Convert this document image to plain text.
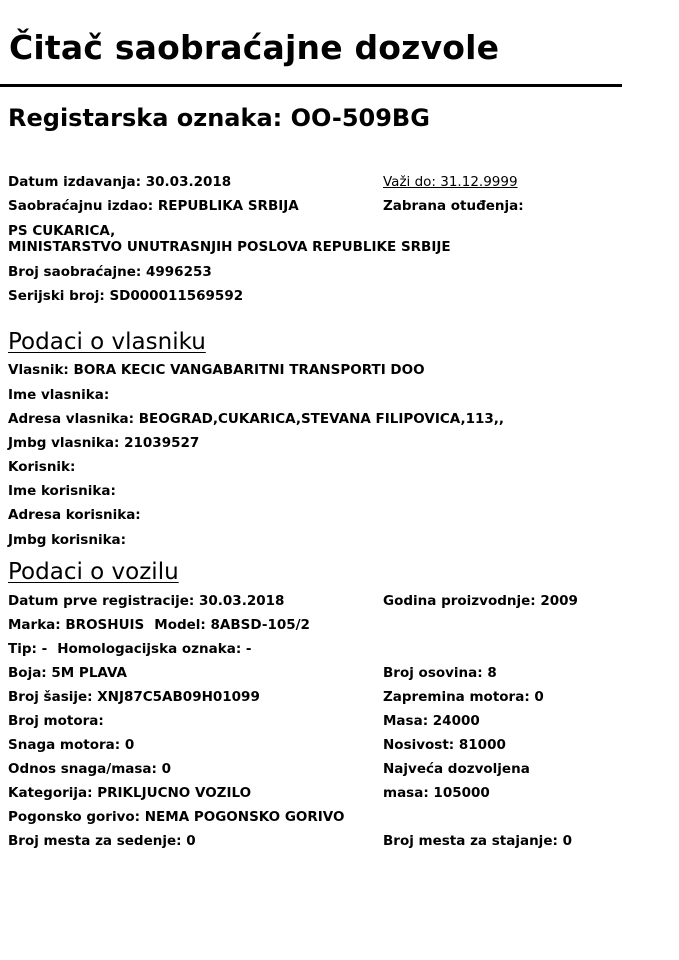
Čitač saobraćajne dozvole
Registarska oznaka: OO-509BG
Datum izdavanja: 30.03.2018	Važi do: 31.12.9999
Saobraćajnu izdao: REPUBLIKA SRBIJA	Zabrana otuđenja:
PS CUKARICA,
MINISTARSTVO UNUTRASNJIH POSLOVA REPUBLIKE SRBIJE
Broj saobraćajne: 4996253
Serijski broj: SD000011569592
Podaci o vlasniku
Vlasnik: BORA KECIC VANGABARITNI TRANSPORTI DOO
Ime vlasnika:
Adresa vlasnika: BEOGRAD,CUKARICA,STEVANA FILIPOVICA,113,,
Jmbg vlasnika: 21039527
Korisnik:
Ime korisnika:
Adresa korisnika:
Jmbg korisnika:
Podaci o vozilu
Datum prve registracije: 30.03.2018	Godina proizvodnje: 2009
Marka: BROSHUIS Model: 8ABSD-105/2
Tip: - Homologacijska oznaka: -
Boja: 5M PLAVA	Broj osovina: 8
Broj šasije: XNJ87C5AB09H01099	Zapremina motora: 0
Broj motora:	Masa: 24000
Snaga motora: 0	Nosivost: 81000
Odnos snaga/masa: 0	Najveća dozvoljena
Kategorija: PRIKLJUCNO VOZILO	masa: 105000
Pogonsko gorivo: NEMA POGONSKO GORIVO
Broj mesta za sedenje: 0	Broj mesta za stajanje: 0
